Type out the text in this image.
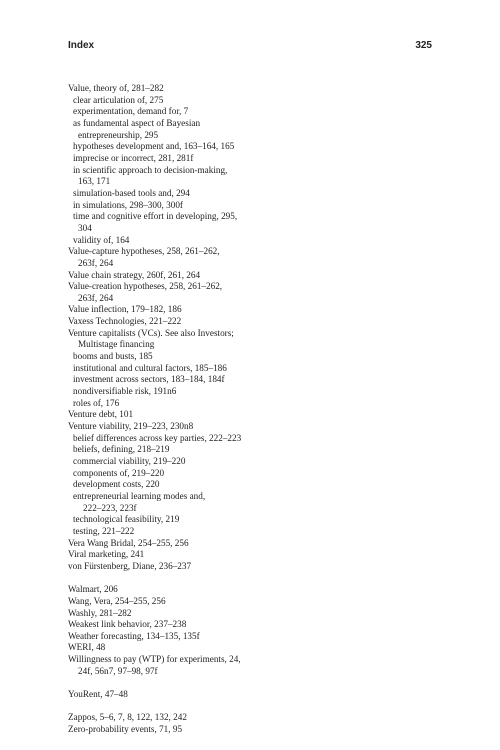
Index	325
Value, theory of, 281–282
clear articulation of, 275
experimentation, demand for, 7
as fundamental aspect of Bayesian
entrepreneurship, 295
hypotheses development and, 163–164, 165
imprecise or incorrect, 281, 281f
in scientific approach to decision-making,
163, 171
simulation-based tools and, 294
in simulations, 298–300, 300f
time and cognitive effort in developing, 295,
304
validity of, 164
Value-capture hypotheses, 258, 261–262,
263f, 264
Value chain strategy, 260f, 261, 264
Value-creation hypotheses, 258, 261–262,
263f, 264
Value inflection, 179–182, 186
Vaxess Technologies, 221–222
Venture capitalists (VCs). See also Investors;
Multistage financing
booms and busts, 185
institutional and cultural factors, 185–186
investment across sectors, 183–184, 184f
nondiversifiable risk, 191n6
roles of, 176
Venture debt, 101
Venture viability, 219–223, 230n8
belief differences across key parties, 222–223
beliefs, defining, 218–219
commercial viability, 219–220
components of, 219–220
development costs, 220
entrepreneurial learning modes and,
222–223, 223f
technological feasibility, 219
testing, 221–222
Vera Wang Bridal, 254–255, 256
Viral marketing, 241
von Fürstenberg, Diane, 236–237
Walmart, 206
Wang, Vera, 254–255, 256
Washly, 281–282
Weakest link behavior, 237–238
Weather forecasting, 134–135, 135f
WERI, 48
Willingness to pay (WTP) for experiments, 24,
24f, 56n7, 97–98, 97f
YouRent, 47–48
Zappos, 5–6, 7, 8, 122, 132, 242
Zero-probability events, 71, 95
